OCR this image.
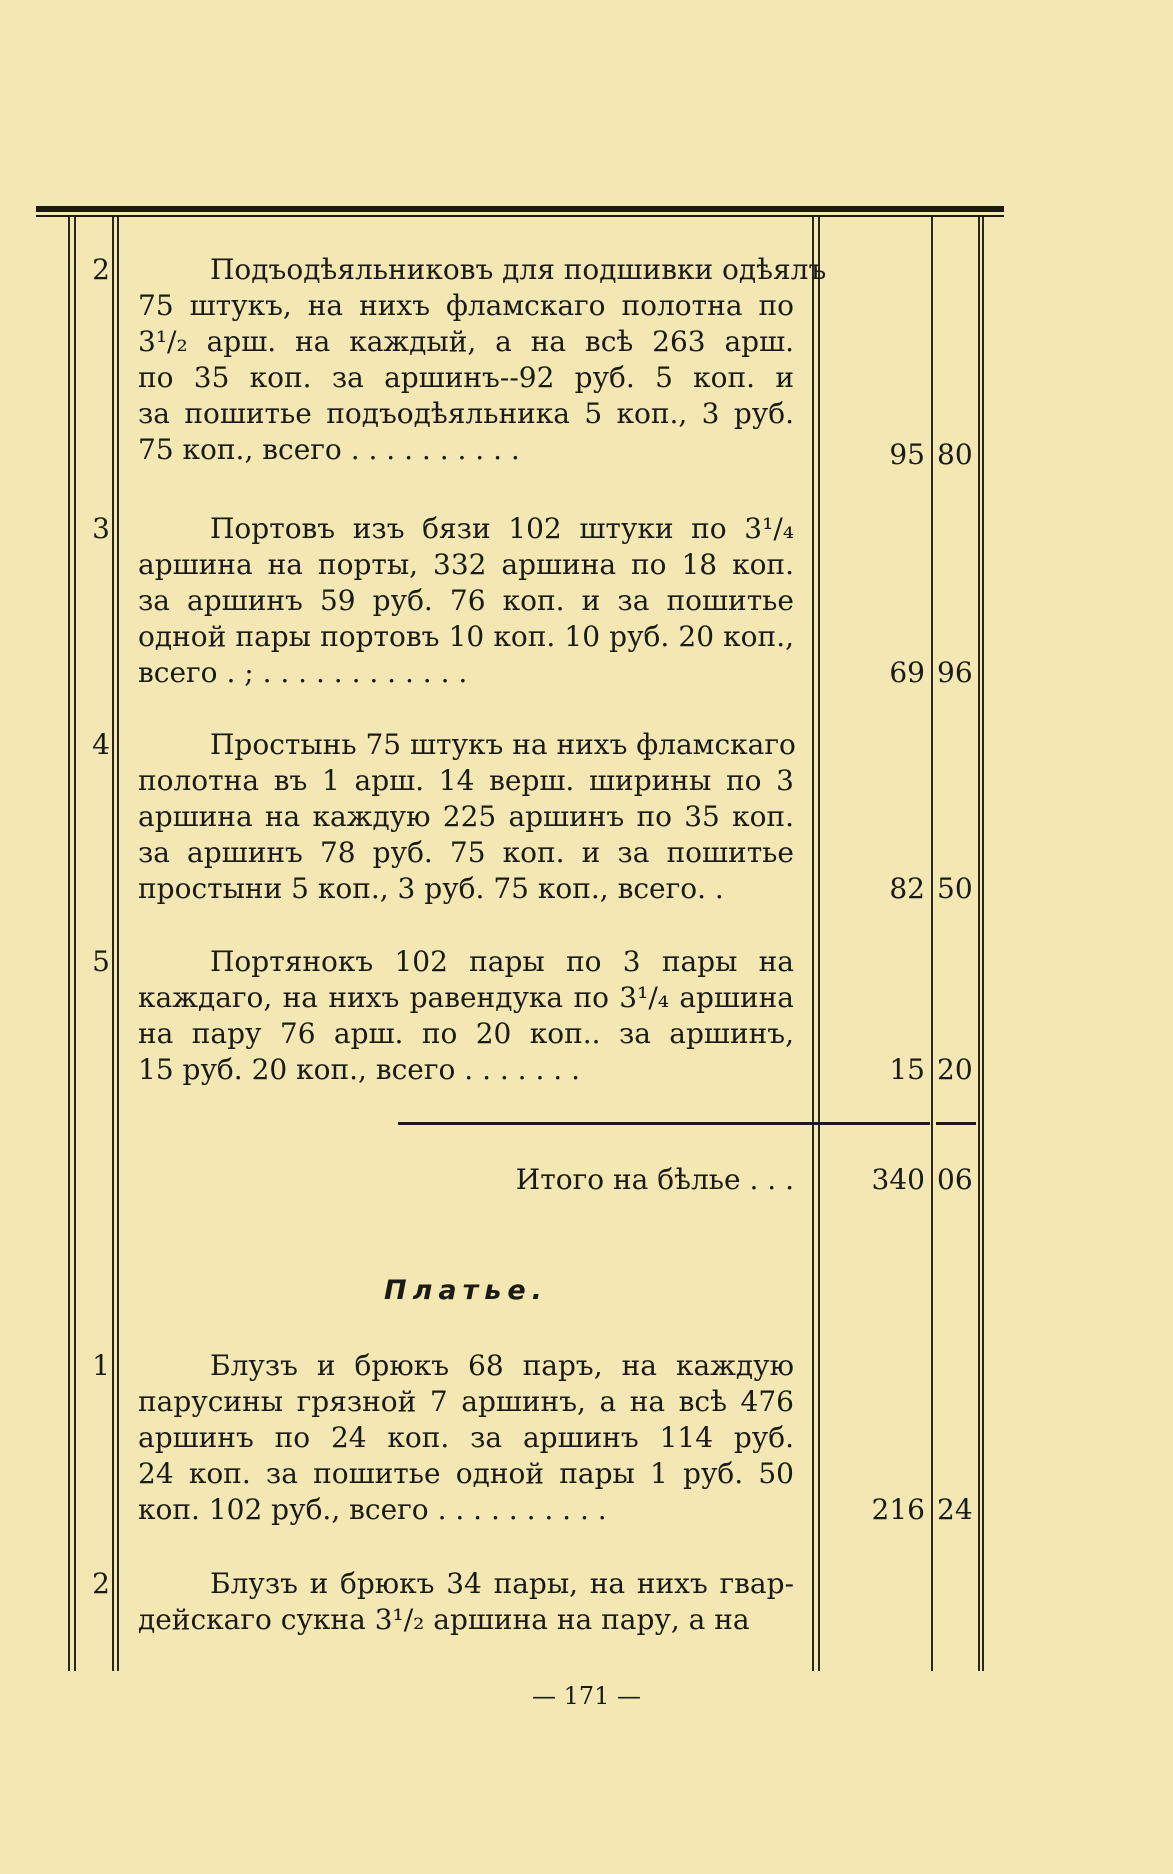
2	Подъодѣяльниковъ для подшивки одѣялъ
75 штукъ, на нихъ фламскаго полотна по
3¹/₂ арш. на каждый, а на всѣ 263 арш.
по 35 коп. за аршинъ--92 руб. 5 коп. и
за пошитье подъодѣяльника 5 коп., 3 руб.
75 коп., всего . . . . . . . . . .	95 80
3	Портовъ изъ бязи 102 штуки по 3¹/₄
аршина на порты, 332 аршина по 18 коп.
за аршинъ 59 руб. 76 коп. и за пошитье
одной пары портовъ 10 коп. 10 руб. 20 коп.,
всего . ; . . . . . . . . . . . .	69 96
4	Простынь 75 штукъ на нихъ фламскаго
полотна въ 1 арш. 14 верш. ширины по 3
аршина на каждую 225 аршинъ по 35 коп.
за аршинъ 78 руб. 75 коп. и за пошитье
простыни 5 коп., 3 руб. 75 коп., всего. .	82 50
5	Портянокъ 102 пары по 3 пары на
каждаго, на нихъ равендука по 3¹/₄ аршина
на пару 76 арш. по 20 коп.. за аршинъ,
15 руб. 20 коп., всего . . . . . . .	15 20
Итого на бѣлье . . .	340 06
Платье.
1	Блузъ и брюкъ 68 паръ, на каждую
парусины грязной 7 аршинъ, а на всѣ 476
аршинъ по 24 коп. за аршинъ 114 руб.
24 коп. за пошитье одной пары 1 руб. 50
коп. 102 руб., всего . . . . . . . . . .	216 24
2	Блузъ и брюкъ 34 пары, на нихъ гвар-
дейскаго сукна 3¹/₂ аршина на пару, а на
— 171 —
